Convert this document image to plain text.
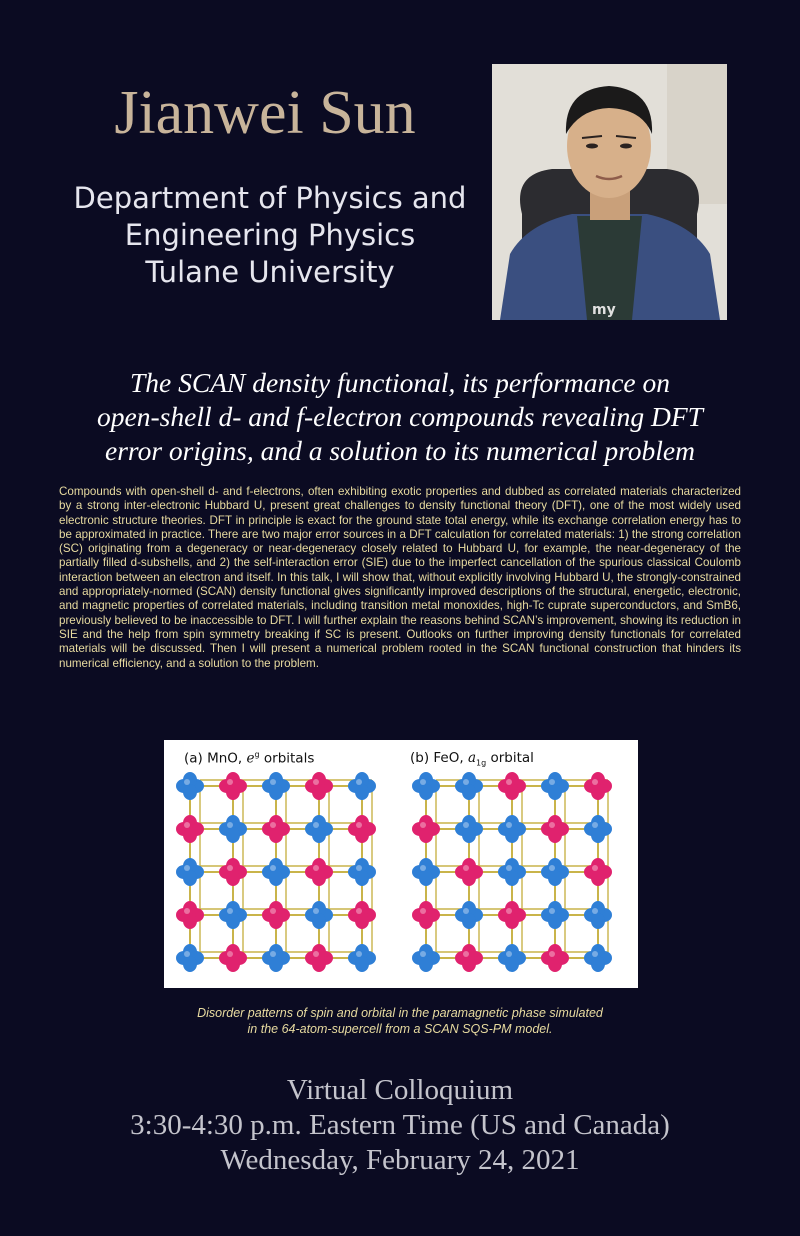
Jianwei Sun
Department of Physics and
Engineering Physics
Tulane University
my
The SCAN density functional, its performance on
open-shell d- and f-electron compounds revealing DFT
error origins, and a solution to its numerical problem
Compounds with open-shell d- and f-electrons, often exhibiting exotic properties and dubbed as correlated materials characterized by a strong inter-electronic Hubbard U, present great challenges to density functional theory (DFT), one of the most widely used electronic structure theories. DFT in principle is exact for the ground state total energy, while its exchange correlation energy has to be approximated in practice. There are two major error sources in a DFT calculation for correlated materials: 1) the strong correlation (SC) originating from a degeneracy or near-degeneracy closely related to Hubbard U, for example, the near-degeneracy of the partially filled d-subshells, and 2) the self-interaction error (SIE) due to the imperfect cancellation of the spurious classical Coulomb interaction between an electron and itself. In this talk, I will show that, without explicitly involving Hubbard U, the strongly-constrained and appropriately-normed (SCAN) density functional gives significantly improved descriptions of the structural, energetic, electronic, and magnetic properties of correlated materials, including transition metal monoxides, high-Tc cuprate superconductors, and SmB6, previously believed to be inaccessible to DFT. I will further explain the reasons behind SCAN’s improvement, showing its reduction in SIE and the help from spin symmetry breaking if SC is present. Outlooks on further improving density functionals for correlated materials will be discussed. Then I will present a numerical problem rooted in the SCAN functional construction that hinders its numerical efficiency, and a solution to the problem.
(a) MnO, $e^g$ orbitals	(b) FeO, $a_{1g}$ orbital
Disorder patterns of spin and orbital in the paramagnetic phase simulated
in the 64-atom-supercell from a SCAN SQS-PM model.
Virtual Colloquium
3:30-4:30 p.m. Eastern Time (US and Canada)
Wednesday, February 24, 2021
